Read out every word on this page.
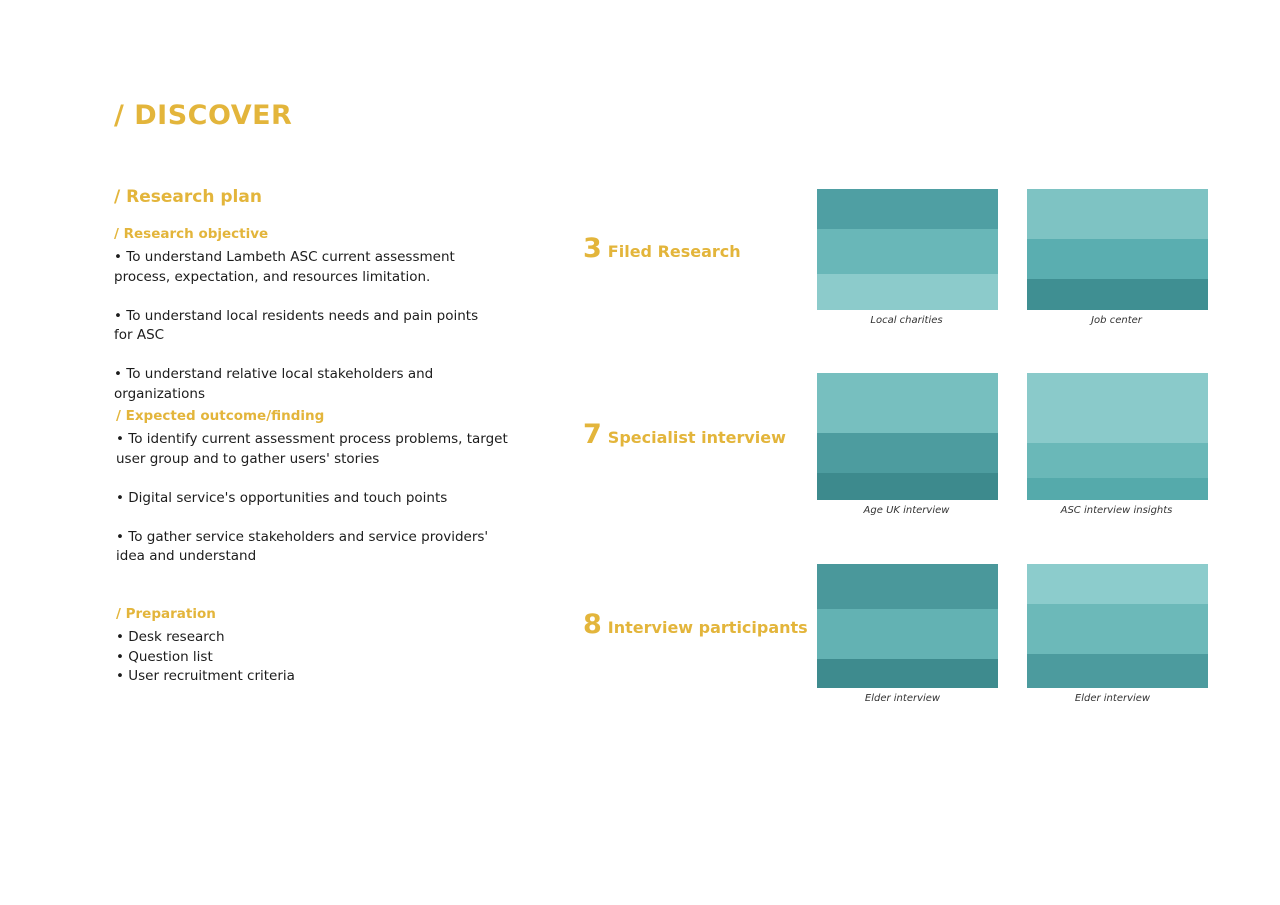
/ DISCOVER
/ Research plan
/ Research objective
• To understand Lambeth ASC current assessment process, expectation, and resources limitation.
• To understand local residents needs and pain points for ASC
• To understand relative local stakeholders and organizations
/ Expected outcome/finding
• To identify current assessment process problems, target user group and to gather users' stories
• Digital service's opportunities and touch points
• To gather service stakeholders and service providers' idea and understand
/ Preparation
• Desk research
• Question list
• User recruitment criteria
3 Filed Research
7 Specialist interview
8 Interview participants
Local charities	Job center
Age UK interview	ASC interview insights
Elder interview	Elder interview
